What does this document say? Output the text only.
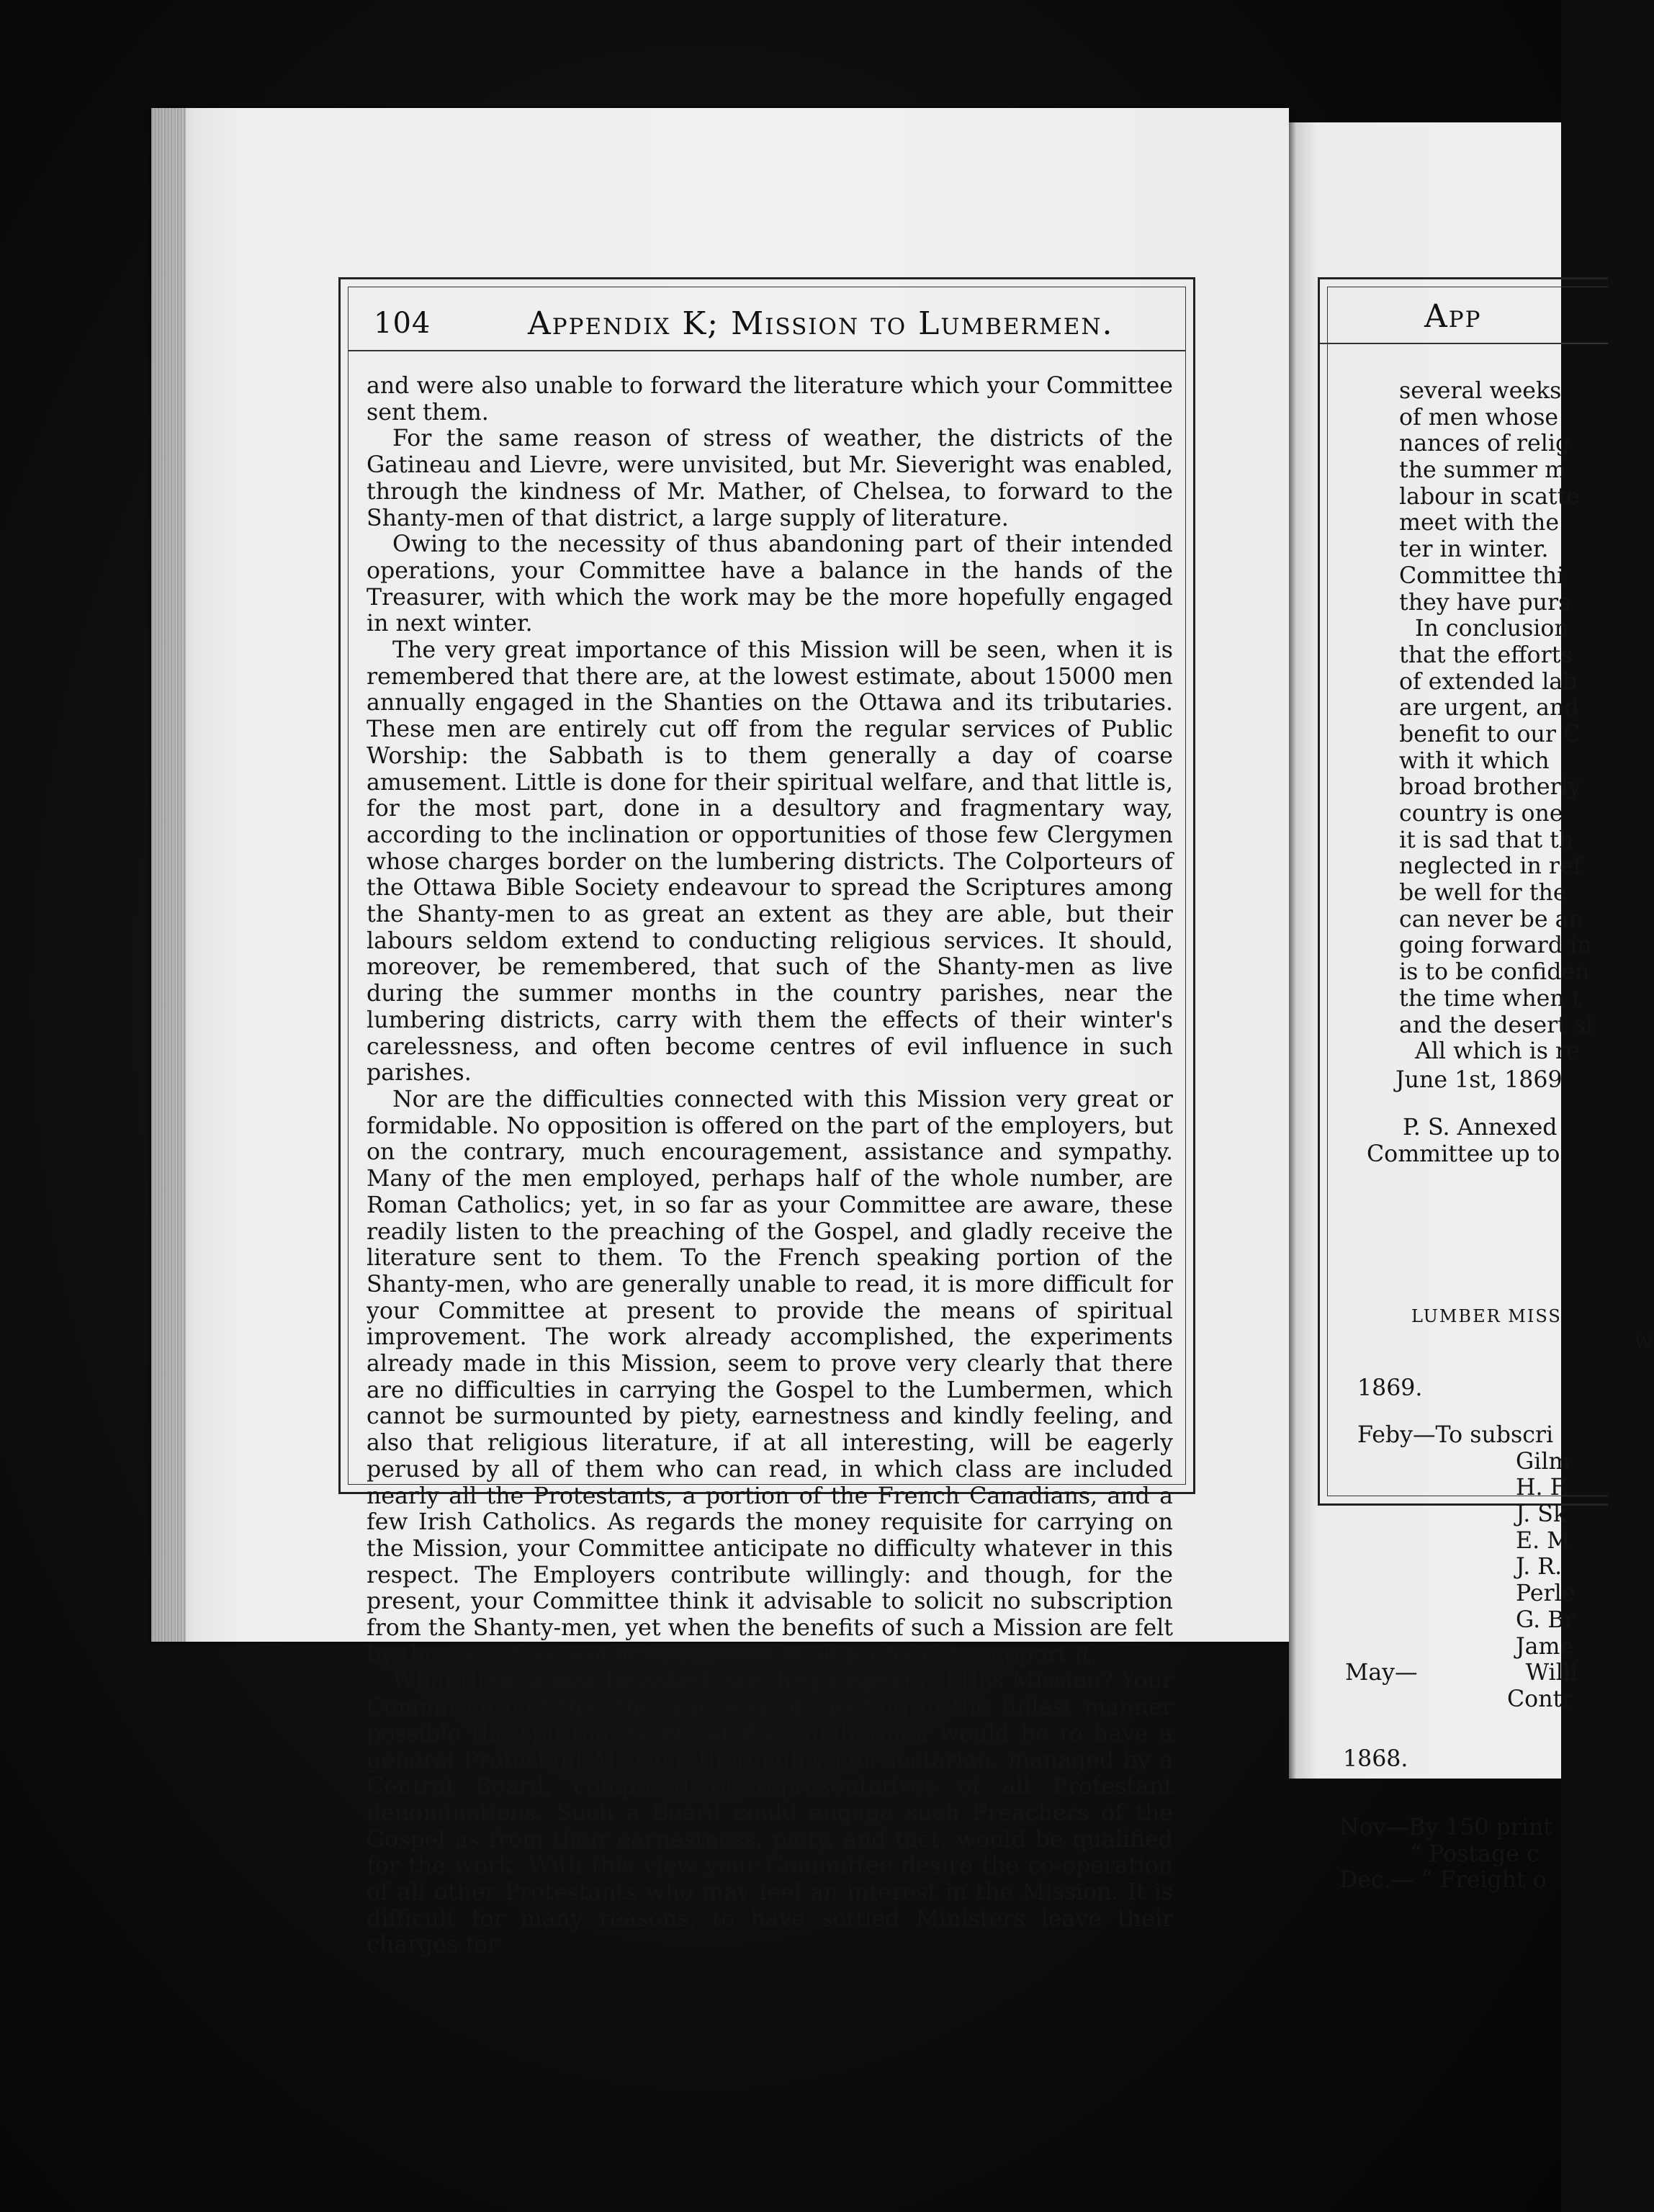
104	Appendix K; Mission to Lumbermen.

and were also unable to forward the literature which your Committee sent them.

For the same reason of stress of weather, the districts of the Gatineau and Lievre, were unvisited, but Mr. Sieveright was enabled, through the kindness of Mr. Mather, of Chelsea, to forward to the Shanty-men of that district, a large supply of literature.

Owing to the necessity of thus abandoning part of their intended operations, your Committee have a balance in the hands of the Treasurer, with which the work may be the more hopefully engaged in next winter.

The very great importance of this Mission will be seen, when it is remembered that there are, at the lowest estimate, about 15000 men annually engaged in the Shanties on the Ottawa and its tributaries. These men are entirely cut off from the regular services of Public Worship: the Sabbath is to them generally a day of coarse amusement. Little is done for their spiritual welfare, and that little is, for the most part, done in a desultory and fragmentary way, according to the inclination or opportunities of those few Clergymen whose charges border on the lumbering districts. The Colporteurs of the Ottawa Bible Society endeavour to spread the Scriptures among the Shanty-men to as great an extent as they are able, but their labours seldom extend to conducting religious services. It should, moreover, be remembered, that such of the Shanty-men as live during the summer months in the country parishes, near the lumbering districts, carry with them the effects of their winter's carelessness, and often become centres of evil influence in such parishes.

Nor are the difficulties connected with this Mission very great or formidable. No opposition is offered on the part of the employers, but on the contrary, much encouragement, assistance and sympathy. Many of the men employed, perhaps half of the whole number, are Roman Catholics; yet, in so far as your Committee are aware, these readily listen to the preaching of the Gospel, and gladly receive the literature sent to them. To the French speaking portion of the Shanty-men, who are generally unable to read, it is more difficult for your Committee at present to provide the means of spiritual improvement. The work already accomplished, the experiments already made in this Mission, seem to prove very clearly that there are no difficulties in carrying the Gospel to the Lumbermen, which cannot be surmounted by piety, earnestness and kindly feeling, and also that religious literature, if at all interesting, will be eagerly perused by all of them who can read, in which class are included nearly all the Protestants, a portion of the French Canadians, and a few Irish Catholics. As regards the money requisite for carrying on the Mission, your Committee anticipate no difficulty whatever in this respect. The Employers contribute willingly: and though, for the present, your Committee think it advisable to solicit no subscription from the Shanty-men, yet when the benefits of such a Mission are felt by the men, they would themselves in all probability support it.

What then, it may be asked, are the prospects of this Mission? Your Committee feel that the true way of meeting in the fullest manner possible the spiritual wants of the Lumbermen would be to have a general Protestant Mission, thoroughly non-sectarian, managed by a Central Board, composed of representatives of all Protestant denominations. Such a Board could engage such Preachers of the Gospel as from their earnestness, piety, and tact, would be qualified for the work. With this view your Committee desire the co-operation of all other Protestants who may feel an interest in the Mission. It is difficult for many reasons, to have settled Ministers leave their charges for

App
several weeks
of men whose
nances of relig
the summer m
labour in scatte
meet with the
ter in winter.
Committee thi
they have purs
In conclusion
that the efforts
of extended lab
are urgent, and
benefit to our C
with it which
broad brotherly
country is one
it is sad that th
neglected in ref
be well for the
can never be an
going forward in
is to be confiden
the time when t
and the desert sl
All which is re
June 1st, 1869
P. S. Annexed
Committee up to
LUMBER MISS
W
1869.
Feby—To subscri
Gilm
H. F.
J. Sk
E. M
J. R.
Perle
G. Br
Jame
May—	Willi
Contr
1868.
Nov—By 150 print
“ Postage c
Dec.— “ Freight o
